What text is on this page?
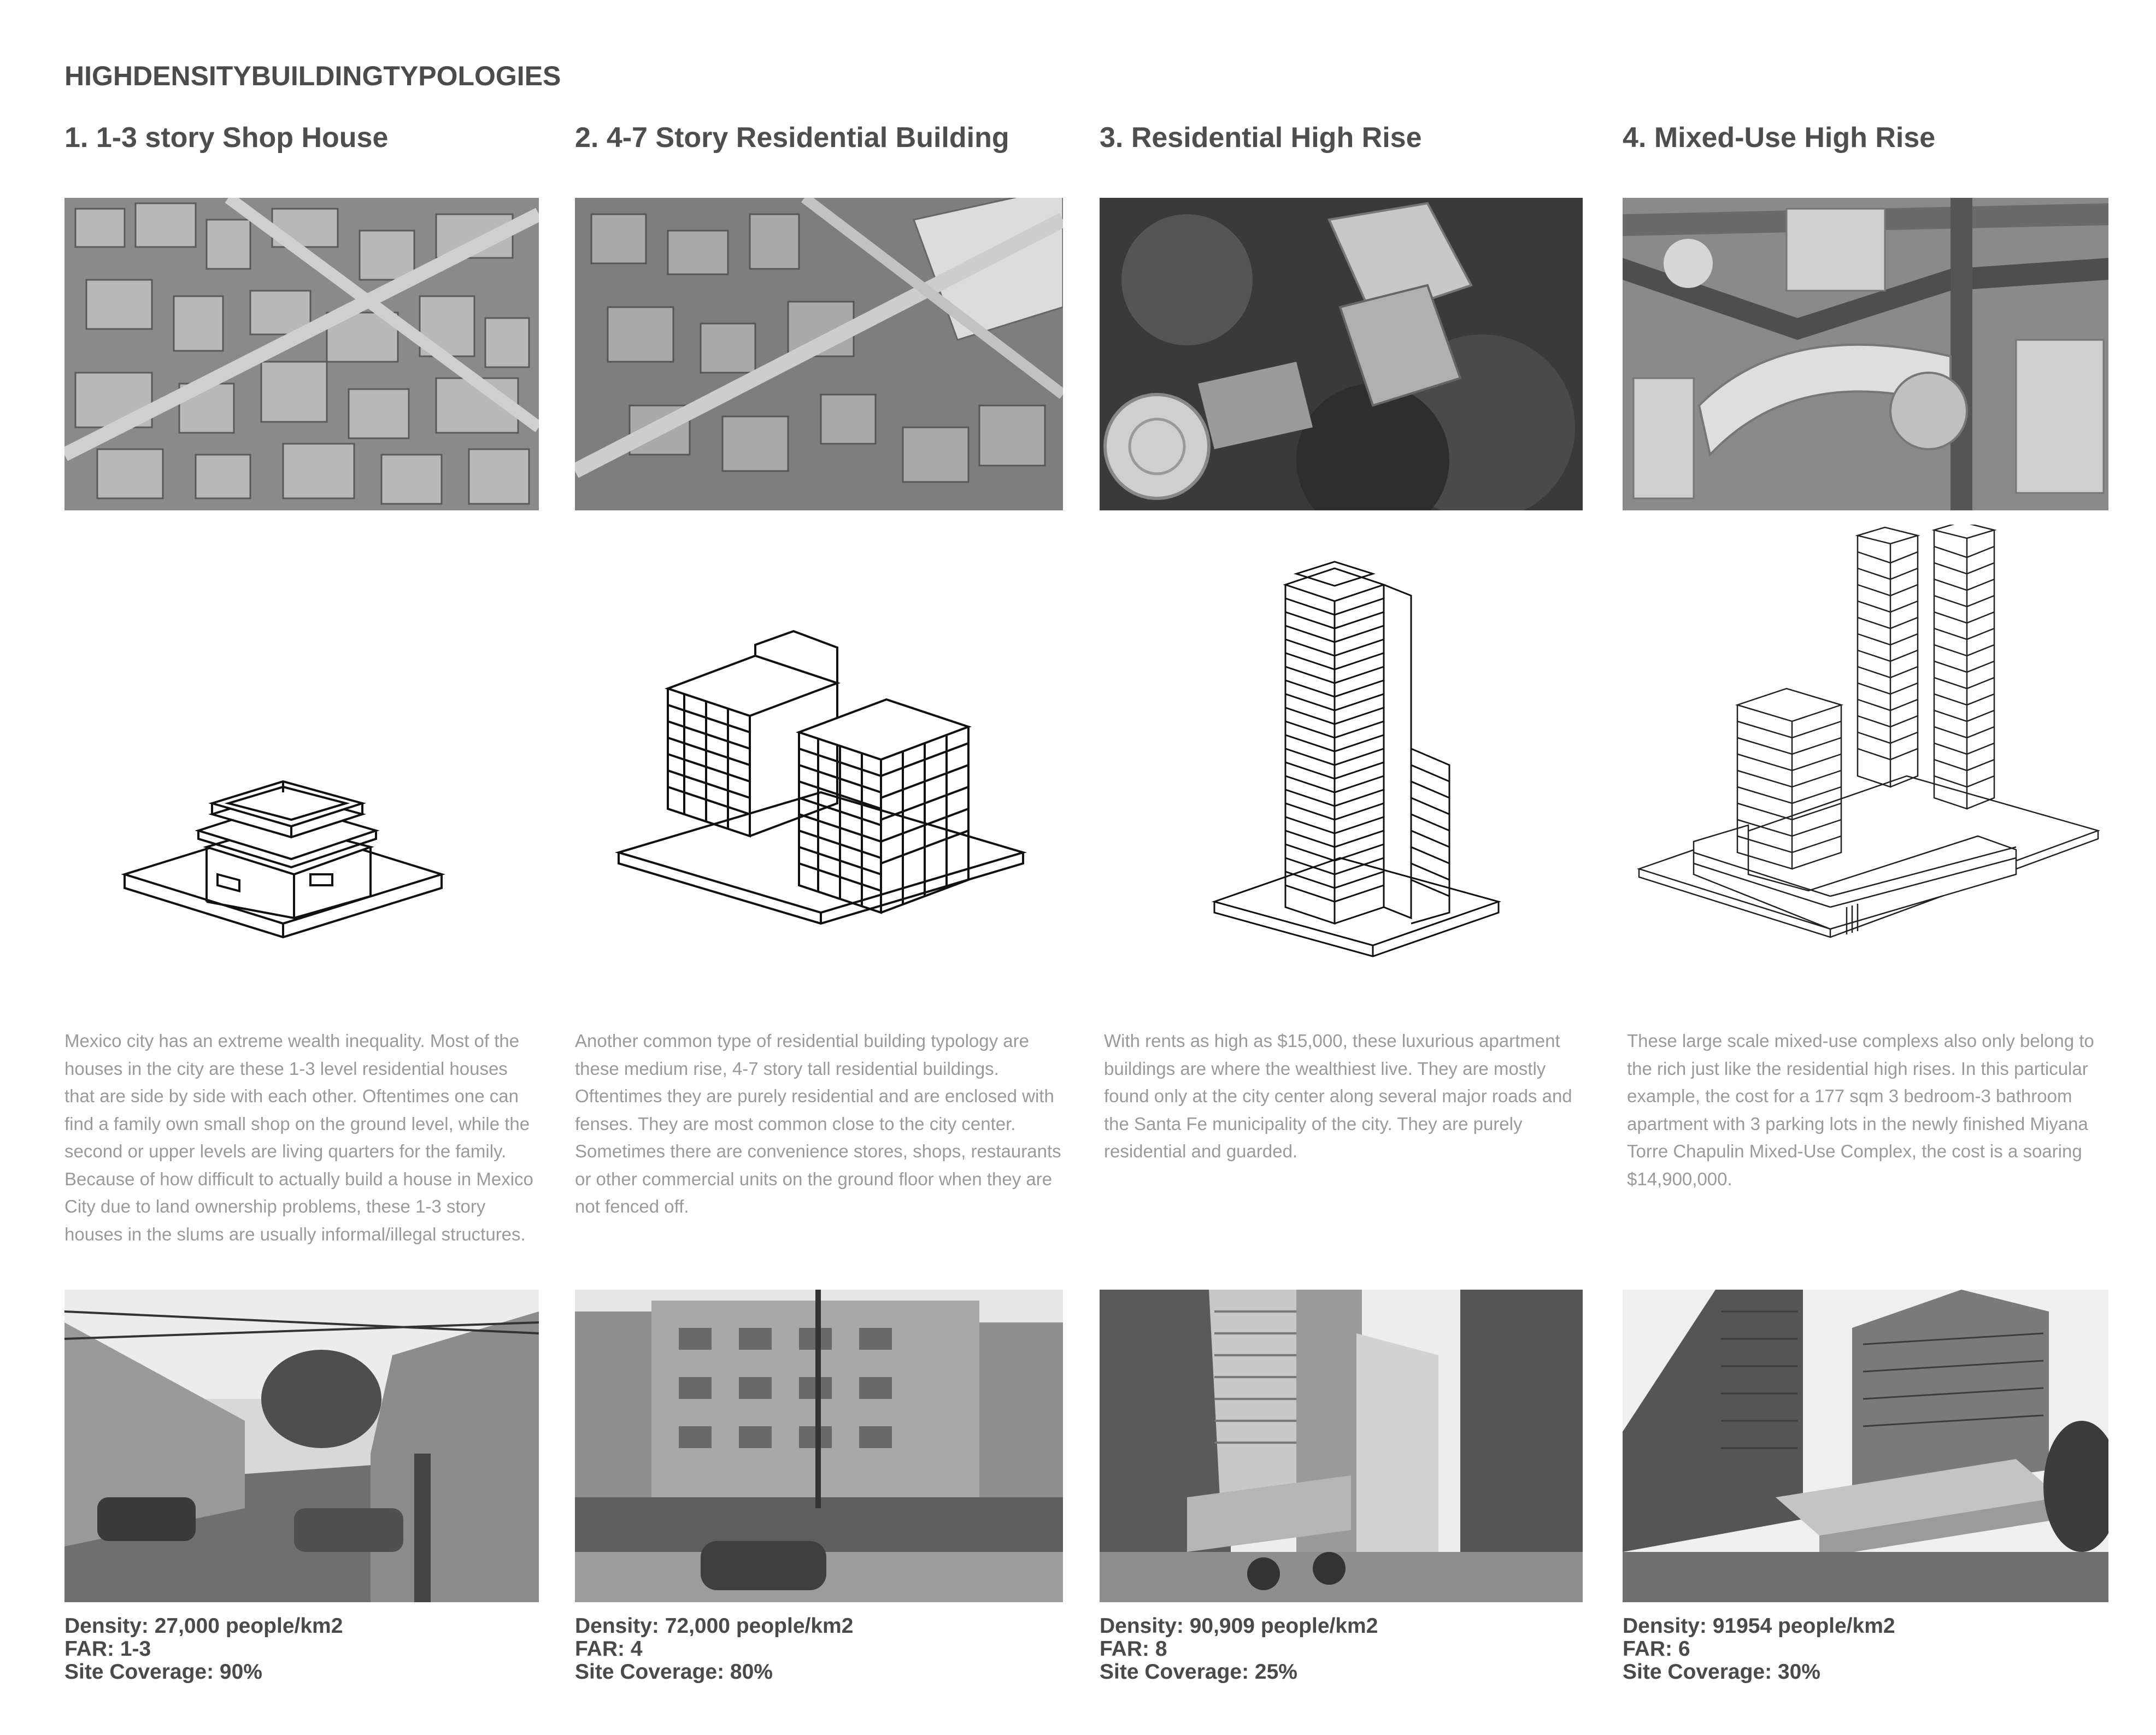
HIGHDENSITYBUILDINGTYPOLOGIES
1. 1-3 story Shop House
Mexico city has an extreme wealth inequality. Most of the houses in the city are these 1-3 level residential houses that are side by side with each other. Oftentimes one can find a family own small shop on the ground level, while the second or upper levels are living quarters for the family. Because of how difficult to actually build a house in Mexico City due to land ownership problems, these 1-3 story houses in the slums are usually informal/illegal structures.
Density: 27,000 people/km2
FAR: 1-3
Site Coverage: 90%
2. 4-7 Story Residential Building
Another common type of residential building typology are these medium rise, 4-7 story tall residential buildings. Oftentimes they are purely residential and are enclosed with fenses. They are most common close to the city center. Sometimes there are convenience stores, shops, restaurants or other commercial units on the ground floor when they are not fenced off.
Density: 72,000 people/km2
FAR: 4
Site Coverage: 80%
3. Residential High Rise
With rents as high as $15,000, these luxurious apartment buildings are where the wealthiest live. They are mostly found only at the city center along several major roads and the Santa Fe municipality of the city. They are purely residential and guarded.
Density: 90,909 people/km2
FAR: 8
Site Coverage: 25%
4. Mixed-Use High Rise
These large scale mixed-use complexs also only belong to the rich just like the residential high rises. In this particular example, the cost for a 177 sqm 3 bedroom-3 bathroom apartment with 3 parking lots in the newly finished Miyana Torre Chapulin Mixed-Use Complex, the cost is a soaring $14,900,000.
Density: 91954 people/km2
FAR: 6
Site Coverage: 30%
